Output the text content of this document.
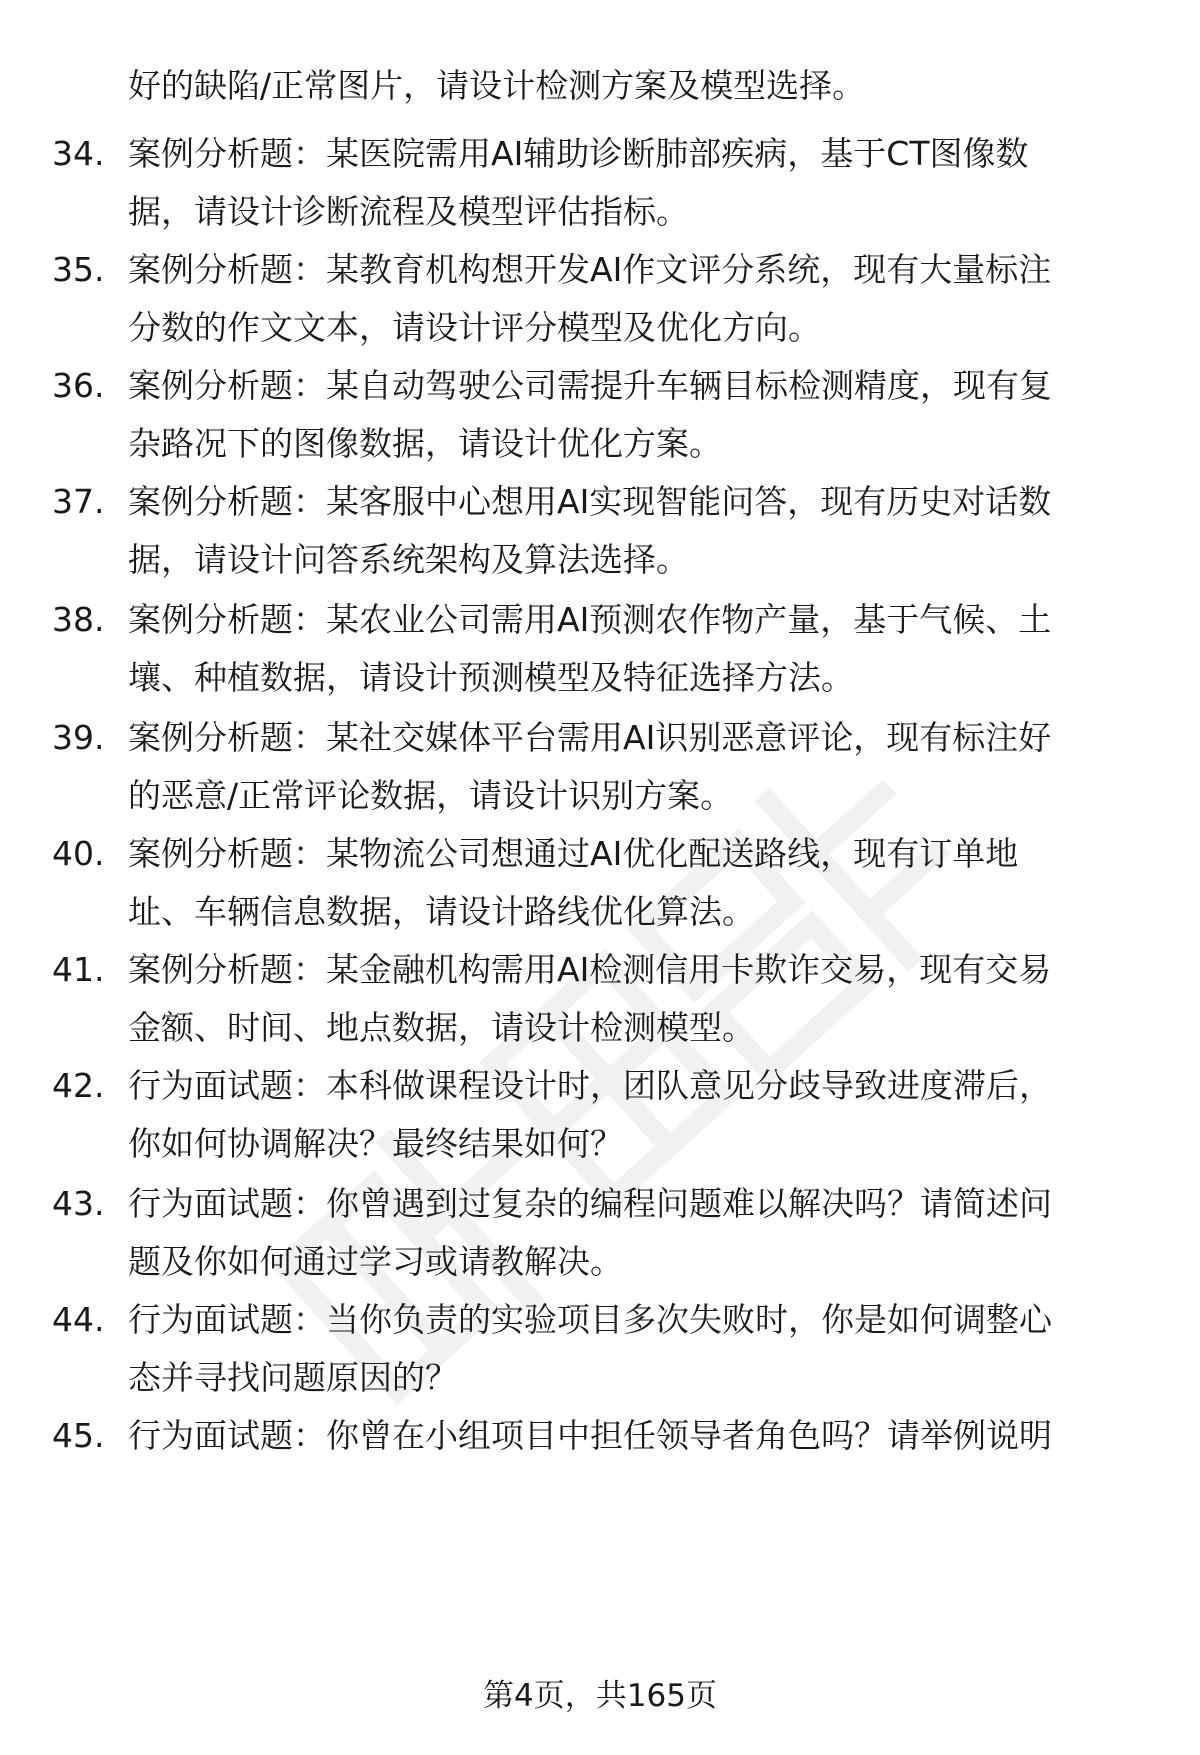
好的缺陷/正常图片，请设计检测方案及模型选择。
34. 案例分析题：某医院需用AI辅助诊断肺部疾病，基于CT图像数
据，请设计诊断流程及模型评估指标。
35. 案例分析题：某教育机构想开发AI作文评分系统，现有大量标注
分数的作文文本，请设计评分模型及优化方向。
36. 案例分析题：某自动驾驶公司需提升车辆目标检测精度，现有复
杂路况下的图像数据，请设计优化方案。
37. 案例分析题：某客服中心想用AI实现智能问答，现有历史对话数
据，请设计问答系统架构及算法选择。
38. 案例分析题：某农业公司需用AI预测农作物产量，基于气候、土
壤、种植数据，请设计预测模型及特征选择方法。
39. 案例分析题：某社交媒体平台需用AI识别恶意评论，现有标注好
的恶意/正常评论数据，请设计识别方案。
40. 案例分析题：某物流公司想通过AI优化配送路线，现有订单地
址、车辆信息数据，请设计路线优化算法。
41. 案例分析题：某金融机构需用AI检测信用卡欺诈交易，现有交易
金额、时间、地点数据，请设计检测模型。
42. 行为面试题：本科做课程设计时，团队意见分歧导致进度滞后，
你如何协调解决？最终结果如何？
43. 行为面试题：你曾遇到过复杂的编程问题难以解决吗？请简述问
题及你如何通过学习或请教解决。
44. 行为面试题：当你负责的实验项目多次失败时，你是如何调整心
态并寻找问题原因的？
45. 行为面试题：你曾在小组项目中担任领导者角色吗？请举例说明
第4页，共165页
